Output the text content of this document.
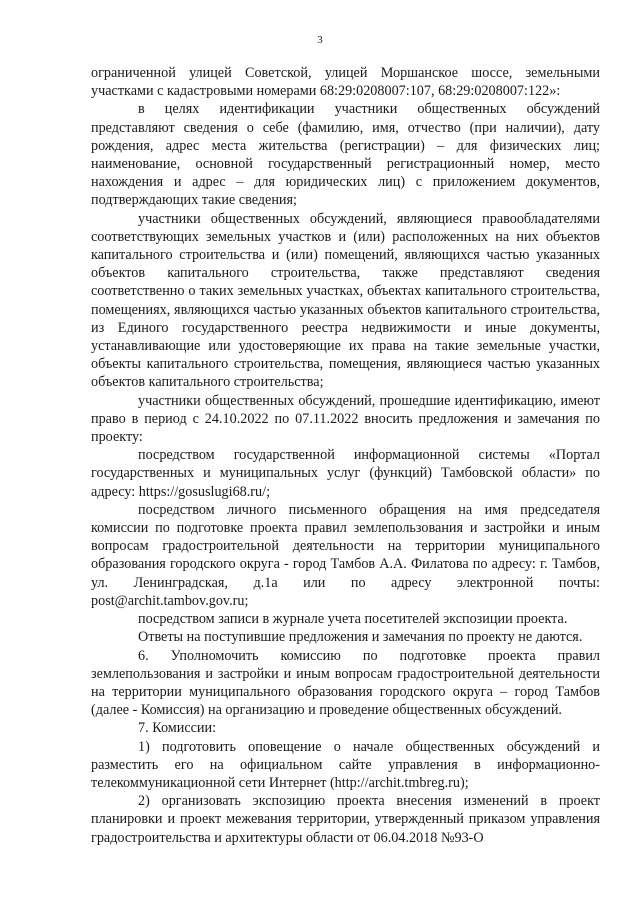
3

ограниченной улицей Советской, улицей Моршанское шоссе, земельными участками с кадастровыми номерами 68:29:0208007:107, 68:29:0208007:122»:

в целях идентификации участники общественных обсуждений представляют сведения о себе (фамилию, имя, отчество (при наличии), дату рождения, адрес места жительства (регистрации) – для физических лиц; наименование, основной государственный регистрационный номер, место нахождения и адрес – для юридических лиц) с приложением документов, подтверждающих такие сведения;

участники общественных обсуждений, являющиеся правообладателями соответствующих земельных участков и (или) расположенных на них объектов капитального строительства и (или) помещений, являющихся частью указанных объектов капитального строительства, также представляют сведения соответственно о таких земельных участках, объектах капитального строительства, помещениях, являющихся частью указанных объектов капитального строительства, из Единого государственного реестра недвижимости и иные документы, устанавливающие или удостоверяющие их права на такие земельные участки, объекты капитального строительства, помещения, являющиеся частью указанных объектов капитального строительства;

участники общественных обсуждений, прошедшие идентификацию, имеют право в период с 24.10.2022 по 07.11.2022 вносить предложения и замечания по проекту:

посредством государственной информационной системы «Портал государственных и муниципальных услуг (функций) Тамбовской области» по адресу: https://gosuslugi68.ru/;

посредством личного письменного обращения на имя председателя комиссии по подготовке проекта правил землепользования и застройки и иным вопросам градостроительной деятельности на территории муниципального образования городского округа - город Тамбов А.А. Филатова по адресу: г. Тамбов, ул. Ленинградская, д.1а или по адресу электронной почты: post@archit.tambov.gov.ru;

посредством записи в журнале учета посетителей экспозиции проекта.

Ответы на поступившие предложения и замечания по проекту не даются.

6. Уполномочить комиссию по подготовке проекта правил землепользования и застройки и иным вопросам градостроительной деятельности на территории муниципального образования городского округа – город Тамбов (далее - Комиссия) на организацию и проведение общественных обсуждений.

7. Комиссии:

1) подготовить оповещение о начале общественных обсуждений и разместить его на официальном сайте управления в информационно-телекоммуникационной сети Интернет (http://archit.tmbreg.ru);

2) организовать экспозицию проекта внесения изменений в проект планировки и проект межевания территории, утвержденный приказом управления градостроительства и архитектуры области от 06.04.2018 №93-О
